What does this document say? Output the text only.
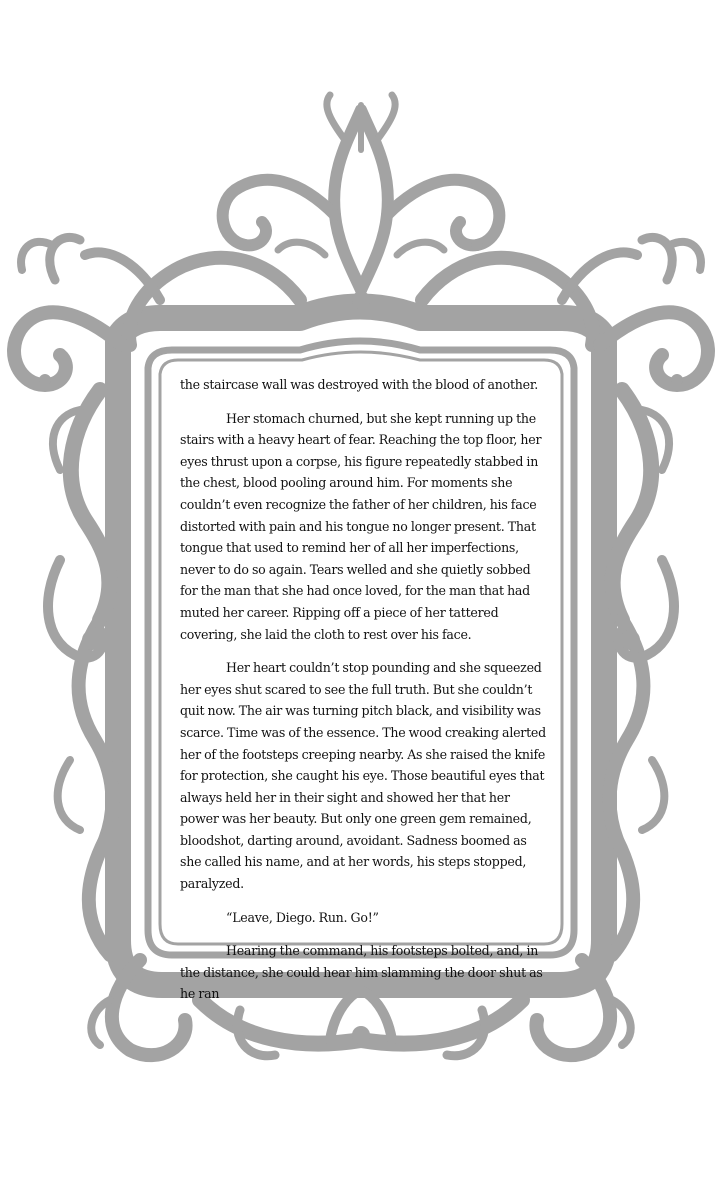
the staircase wall was destroyed with the blood of another.

Her stomach churned, but she kept running up the stairs with a heavy heart of fear. Reaching the top floor, her eyes thrust upon a corpse, his figure repeatedly stabbed in the chest, blood pooling around him. For moments she couldn’t even recognize the father of her children, his face distorted with pain and his tongue no longer present. That tongue that used to remind her of all her imperfections, never to do so again. Tears welled and she quietly sobbed for the man that she had once loved, for the man that had muted her career. Ripping off a piece of her tattered covering, she laid the cloth to rest over his face.

Her heart couldn’t stop pounding and she squeezed her eyes shut scared to see the full truth. But she couldn’t quit now. The air was turning pitch black, and visibility was scarce. Time was of the essence. The wood creaking alerted her of the footsteps creeping nearby. As she raised the knife for protection, she caught his eye. Those beautiful eyes that always held her in their sight and showed her that her power was her beauty. But only one green gem remained, bloodshot, darting around, avoidant. Sadness boomed as she called his name, and at her words, his steps stopped, paralyzed.

“Leave, Diego. Run. Go!”

Hearing the command, his footsteps bolted, and, in the distance, she could hear him slamming the door shut as he ran
